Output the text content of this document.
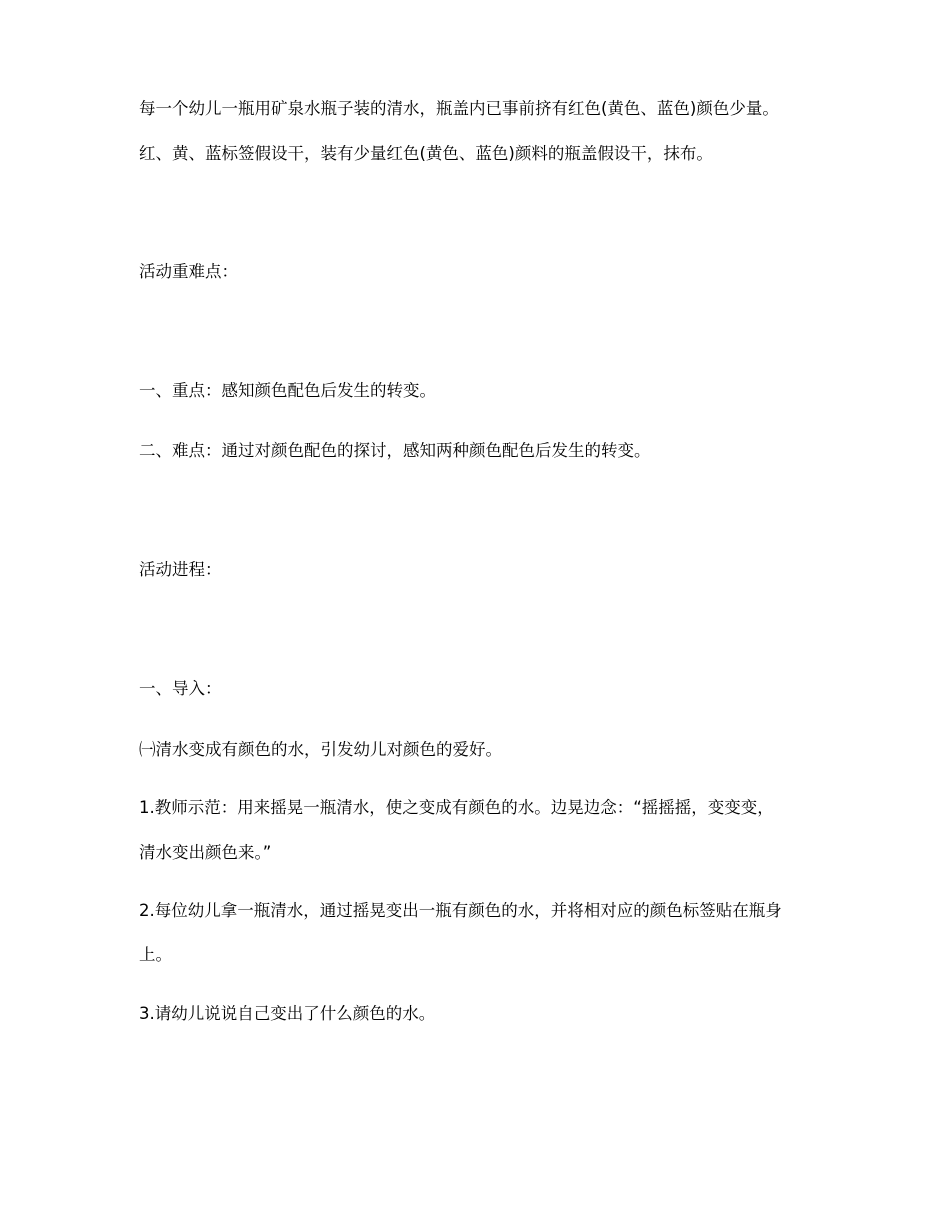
每一个幼儿一瓶用矿泉水瓶子装的清水，瓶盖内已事前挤有红色(黄色、蓝色)颜色少量。
红、黄、蓝标签假设干，装有少量红色(黄色、蓝色)颜料的瓶盖假设干，抹布。
活动重难点：
一、重点：感知颜色配色后发生的转变。
二、难点：通过对颜色配色的探讨，感知两种颜色配色后发生的转变。
活动进程：
一、导入：
㈠清水变成有颜色的水，引发幼儿对颜色的爱好。
1.教师示范：用来摇晃一瓶清水，使之变成有颜色的水。边晃边念：“摇摇摇，变变变，
清水变出颜色来。”
2.每位幼儿拿一瓶清水，通过摇晃变出一瓶有颜色的水，并将相对应的颜色标签贴在瓶身
上。
3.请幼儿说说自己变出了什么颜色的水。
